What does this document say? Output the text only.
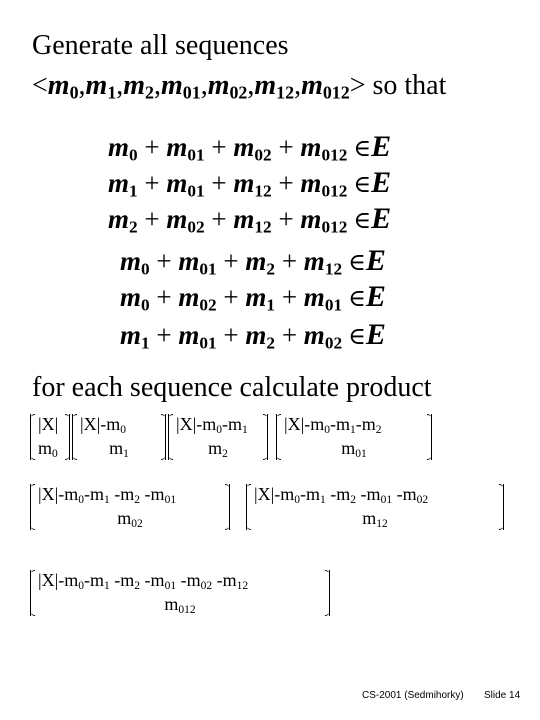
Generate all sequences
$<m_0,m_1,m_2,m_{01},m_{02},m_{12},m_{012}>$ so that
$m_0 + m_{01} + m_{02} + m_{012}$ ∈E
$m_1 + m_{01} + m_{12} + m_{012}$ ∈E
$m_2 + m_{02} + m_{12} + m_{012}$ ∈E
$m_0 + m_{01} + m_2 + m_{12}$ ∈E
$m_0 + m_{02} + m_1 + m_{01}$ ∈E
$m_1 + m_{01} + m_2 + m_{02}$ ∈E
for each sequence calculate product
|X|
$m_0$
$|X|-m_0$
$m_1$
$|X|-m_0-m_1$
$m_2$
$|X|-m_0-m_1-m_2$
$m_{01}$
$|X|-m_0-m_1$ $-m_2$ $-m_{01}$
$m_{02}$
$|X|-m_0-m_1$ $-m_2$ $-m_{01}$ $-m_{02}$
$m_{12}$
$|X|-m_0-m_1$ $-m_2$ $-m_{01}$ $-m_{02}$ $-m_{12}$
$m_{012}$
CS-2001 (Sedmihorky) Slide 14
